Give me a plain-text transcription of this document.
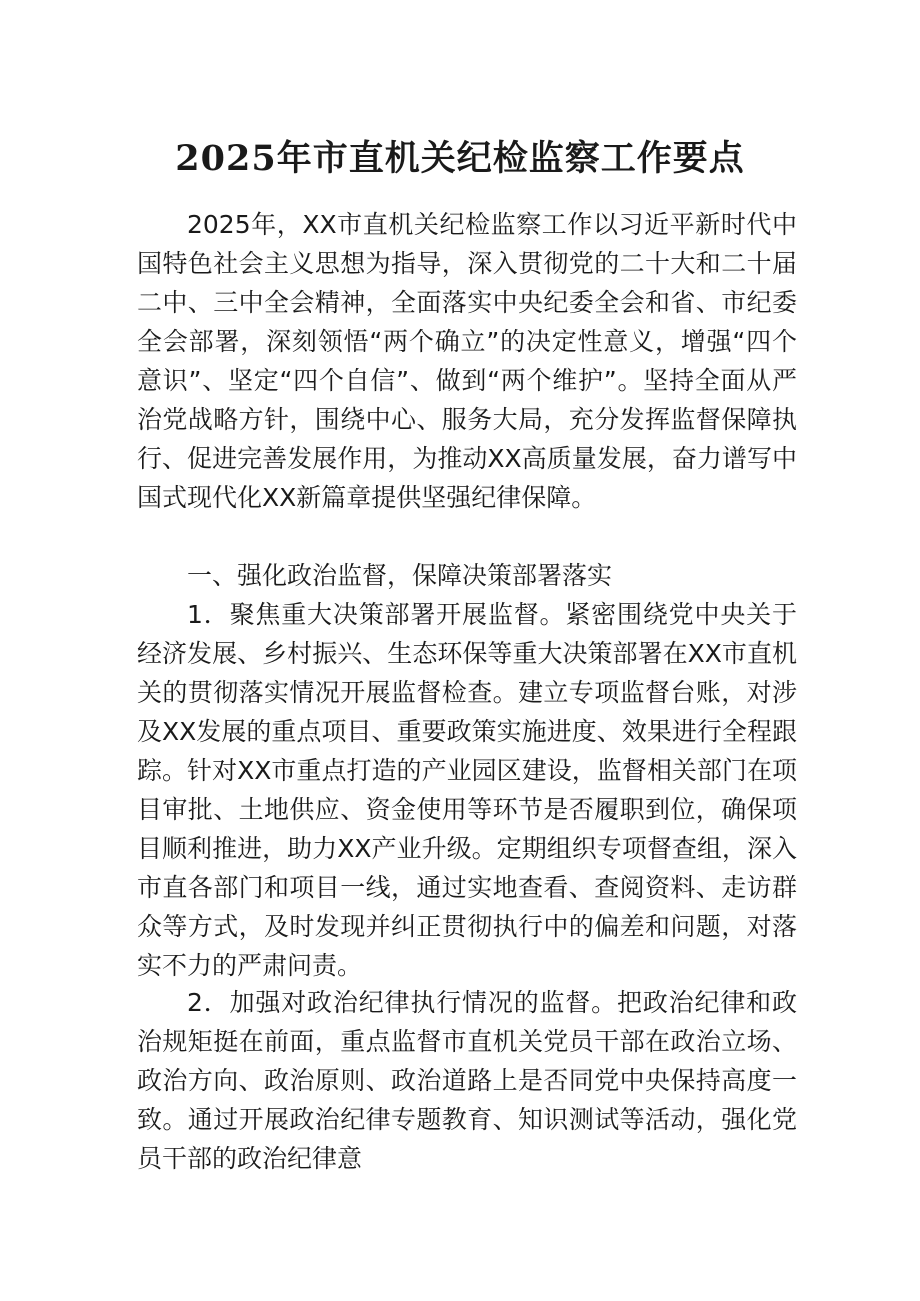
2025年市直机关纪检监察工作要点

2025年，XX市直机关纪检监察工作以习近平新时代中国特色社会主义思想为指导，深入贯彻党的二十大和二十届二中、三中全会精神，全面落实中央纪委全会和省、市纪委全会部署，深刻领悟“两个确立”的决定性意义，增强“四个意识”、坚定“四个自信”、做到“两个维护”。坚持全面从严治党战略方针，围绕中心、服务大局，充分发挥监督保障执行、促进完善发展作用，为推动XX高质量发展，奋力谱写中国式现代化XX新篇章提供坚强纪律保障。

一、强化政治监督，保障决策部署落实

1．聚焦重大决策部署开展监督。紧密围绕党中央关于经济发展、乡村振兴、生态环保等重大决策部署在XX市直机关的贯彻落实情况开展监督检查。建立专项监督台账，对涉及XX发展的重点项目、重要政策实施进度、效果进行全程跟踪。针对XX市重点打造的产业园区建设，监督相关部门在项目审批、土地供应、资金使用等环节是否履职到位，确保项目顺利推进，助力XX产业升级。定期组织专项督查组，深入市直各部门和项目一线，通过实地查看、查阅资料、走访群众等方式，及时发现并纠正贯彻执行中的偏差和问题，对落实不力的严肃问责。

2．加强对政治纪律执行情况的监督。把政治纪律和政治规矩挺在前面，重点监督市直机关党员干部在政治立场、政治方向、政治原则、政治道路上是否同党中央保持高度一致。通过开展政治纪律专题教育、知识测试等活动，强化党员干部的政治纪律意
